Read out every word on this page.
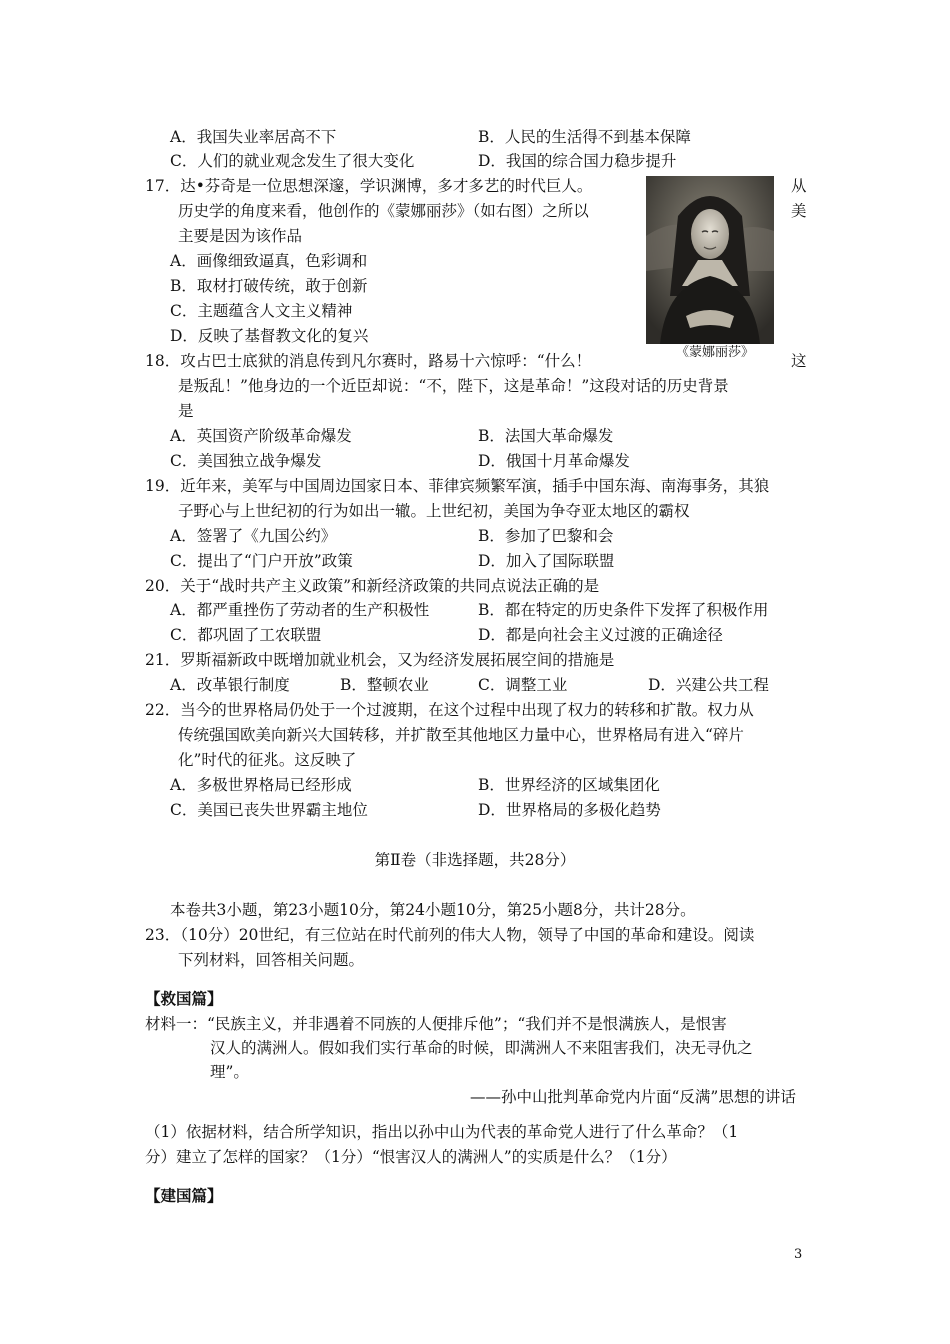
A．我国失业率居高不下	B．人民的生活得不到基本保障
C．人们的就业观念发生了很大变化	D．我国的综合国力稳步提升
17．达•芬奇是一位思想深邃，学识渊博，多才多艺的时代巨人。	从
历史学的角度来看，他创作的《蒙娜丽莎》（如右图）之所以	美
主要是因为该作品
A．画像细致逼真，色彩调和
B．取材打破传统，敢于创新
C．主题蕴含人文主义精神
D．反映了基督教文化的复兴
《蒙娜丽莎》
18．攻占巴士底狱的消息传到凡尔赛时，路易十六惊呼：“什么！	这
是叛乱！”他身边的一个近臣却说：“不，陛下，这是革命！”这段对话的历史背景
是
A．英国资产阶级革命爆发	B．法国大革命爆发
C．美国独立战争爆发	D．俄国十月革命爆发
19．近年来，美军与中国周边国家日本、菲律宾频繁军演，插手中国东海、南海事务，其狼
子野心与上世纪初的行为如出一辙。上世纪初，美国为争夺亚太地区的霸权
A．签署了《九国公约》	B．参加了巴黎和会
C．提出了“门户开放”政策	D．加入了国际联盟
20．关于“战时共产主义政策”和新经济政策的共同点说法正确的是
A．都严重挫伤了劳动者的生产积极性	B．都在特定的历史条件下发挥了积极作用
C．都巩固了工农联盟	D．都是向社会主义过渡的正确途径
21．罗斯福新政中既增加就业机会，又为经济发展拓展空间的措施是
A．改革银行制度	B．整顿农业	C．调整工业	D．兴建公共工程
22．当今的世界格局仍处于一个过渡期，在这个过程中出现了权力的转移和扩散。权力从
传统强国欧美向新兴大国转移，并扩散至其他地区力量中心，世界格局有进入“碎片
化”时代的征兆。这反映了
A．多极世界格局已经形成	B．世界经济的区域集团化
C．美国已丧失世界霸主地位	D．世界格局的多极化趋势
第Ⅱ卷（非选择题，共28分）
本卷共3小题，第23小题10分，第24小题10分，第25小题8分，共计28分。
23．（10分）20世纪，有三位站在时代前列的伟大人物，领导了中国的革命和建设。阅读
下列材料，回答相关问题。
【救国篇】
材料一：“民族主义，并非遇着不同族的人便排斥他”；“我们并不是恨满族人，是恨害
汉人的满洲人。假如我们实行革命的时候，即满洲人不来阻害我们，决无寻仇之
理”。
——孙中山批判革命党内片面“反满”思想的讲话
（1）依据材料，结合所学知识，指出以孙中山为代表的革命党人进行了什么革命？（1
分）建立了怎样的国家？（1分）“恨害汉人的满洲人”的实质是什么？（1分）
【建国篇】
3
